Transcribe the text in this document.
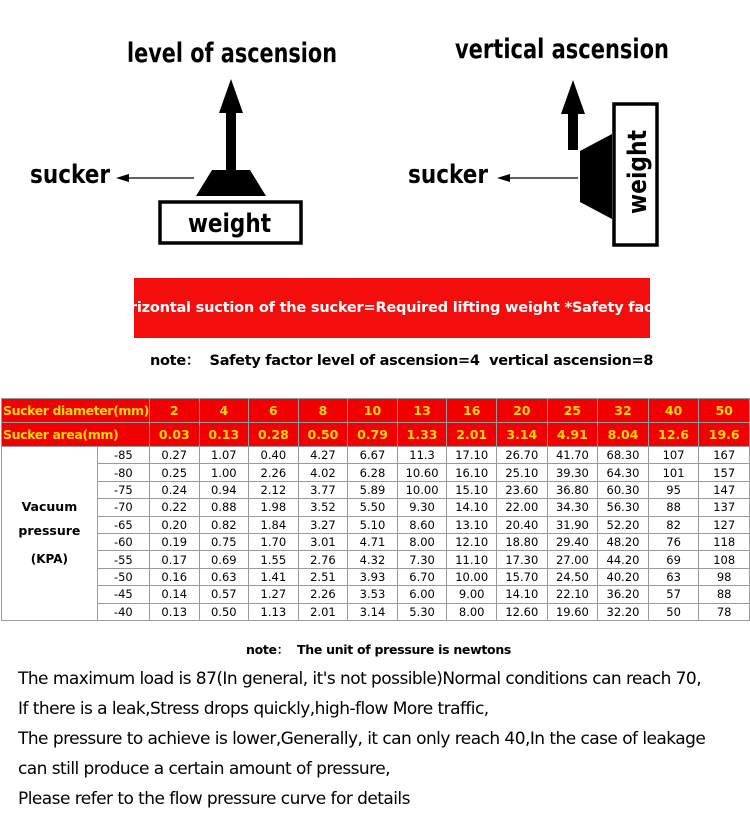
level of ascension
weight
sucker
vertical ascension
weight
sucker
Horizontal suction of the sucker=Required lifting weight *Safety factor
note：  Safety factor level of ascension=4  vertical ascension=8
Sucker diameter(mm)		2	4	6	8	10	13	16	20	25	32	40	50
Sucker area(mm)		0.03	0.13	0.28	0.50	0.79	1.33	2.01	3.14	4.91	8.04	12.6	19.6

Vacuum
pressure
(KPA)	-85	0.27	1.07	0.40	4.27	6.67	11.3	17.10	26.70	41.70	68.30	107	167
	-80	0.25	1.00	2.26	4.02	6.28	10.60	16.10	25.10	39.30	64.30	101	157
	-75	0.24	0.94	2.12	3.77	5.89	10.00	15.10	23.60	36.80	60.30	95	147
	-70	0.22	0.88	1.98	3.52	5.50	9.30	14.10	22.00	34.30	56.30	88	137
	-65	0.20	0.82	1.84	3.27	5.10	8.60	13.10	20.40	31.90	52.20	82	127
	-60	0.19	0.75	1.70	3.01	4.71	8.00	12.10	18.80	29.40	48.20	76	118
	-55	0.17	0.69	1.55	2.76	4.32	7.30	11.10	17.30	27.00	44.20	69	108
	-50	0.16	0.63	1.41	2.51	3.93	6.70	10.00	15.70	24.50	40.20	63	98
	-45	0.14	0.57	1.27	2.26	3.53	6.00	9.00	14.10	22.10	36.20	57	88
	-40	0.13	0.50	1.13	2.01	3.14	5.30	8.00	12.60	19.60	32.20	50	78
note：  The unit of pressure is newtons
The maximum load is 87(In general, it's not possible)Normal conditions can reach 70,
If there is a leak,Stress drops quickly,high-flow More traffic,
The pressure to achieve is lower,Generally, it can only reach 40,In the case of leakage
can still produce a certain amount of pressure,
Please refer to the flow pressure curve for details
